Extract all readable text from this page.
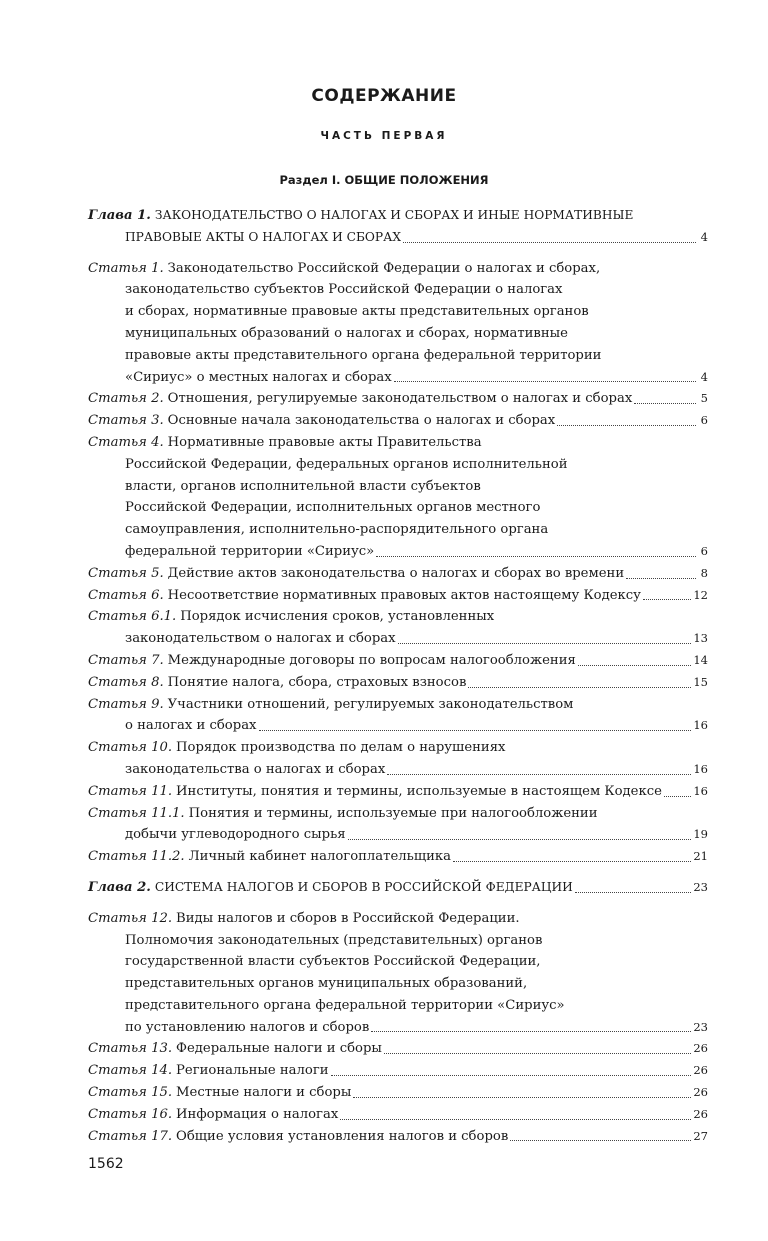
СОДЕРЖАНИЕ
ЧАСТЬ ПЕРВАЯ
Раздел I. ОБЩИЕ ПОЛОЖЕНИЯ
Глава 1. ЗАКОНОДАТЕЛЬСТВО О НАЛОГАХ И СБОРАХ И ИНЫЕ НОРМАТИВНЫЕ
ПРАВОВЫЕ АКТЫ О НАЛОГАХ И СБОРАХ	4
Статья 1. Законодательство Российской Федерации о налогах и сборах,
законодательство субъектов Российской Федерации о налогах
и сборах, нормативные правовые акты представительных органов
муниципальных образований о налогах и сборах, нормативные
правовые акты представительного органа федеральной территории
«Сириус» о местных налогах и сборах	4
Статья 2. Отношения, регулируемые законодательством о налогах и сборах	5
Статья 3. Основные начала законодательства о налогах и сборах	6
Статья 4. Нормативные правовые акты Правительства
Российской Федерации, федеральных органов исполнительной
власти, органов исполнительной власти субъектов
Российской Федерации, исполнительных органов местного
самоуправления, исполнительно-распорядительного органа
федеральной территории «Сириус»	6
Статья 5. Действие актов законодательства о налогах и сборах во времени	8
Статья 6. Несоответствие нормативных правовых актов настоящему Кодексу	12
Статья 6.1. Порядок исчисления сроков, установленных
законодательством о налогах и сборах	13
Статья 7. Международные договоры по вопросам налогообложения	14
Статья 8. Понятие налога, сбора, страховых взносов	15
Статья 9. Участники отношений, регулируемых законодательством
о налогах и сборах	16
Статья 10. Порядок производства по делам о нарушениях
законодательства о налогах и сборах	16
Статья 11. Институты, понятия и термины, используемые в настоящем Кодексе	16
Статья 11.1. Понятия и термины, используемые при налогообложении
добычи углеводородного сырья	19
Статья 11.2. Личный кабинет налогоплательщика	21
Глава 2. СИСТЕМА НАЛОГОВ И СБОРОВ В РОССИЙСКОЙ ФЕДЕРАЦИИ	23
Статья 12. Виды налогов и сборов в Российской Федерации.
Полномочия законодательных (представительных) органов
государственной власти субъектов Российской Федерации,
представительных органов муниципальных образований,
представительного органа федеральной территории «Сириус»
по установлению налогов и сборов	23
Статья 13. Федеральные налоги и сборы	26
Статья 14. Региональные налоги	26
Статья 15. Местные налоги и сборы	26
Статья 16. Информация о налогах	26
Статья 17. Общие условия установления налогов и сборов	27
1562
